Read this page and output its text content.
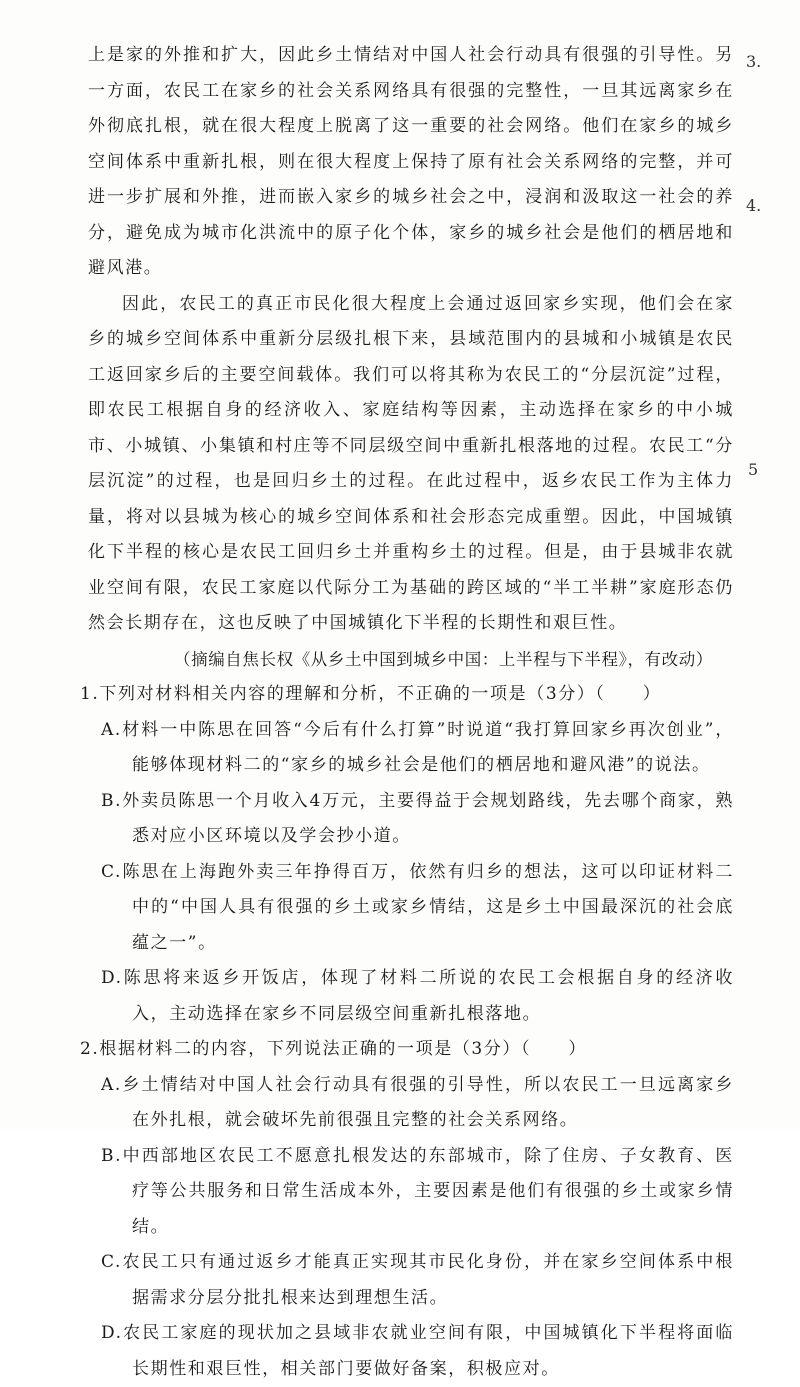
3.
4.
5

上是家的外推和扩大，因此乡土情结对中国人社会行动具有很强的引导性。另一方面，农民工在家乡的社会关系网络具有很强的完整性，一旦其远离家乡在外彻底扎根，就在很大程度上脱离了这一重要的社会网络。他们在家乡的城乡空间体系中重新扎根，则在很大程度上保持了原有社会关系网络的完整，并可进一步扩展和外推，进而嵌入家乡的城乡社会之中，浸润和汲取这一社会的养分，避免成为城市化洪流中的原子化个体，家乡的城乡社会是他们的栖居地和避风港。

因此，农民工的真正市民化很大程度上会通过返回家乡实现，他们会在家乡的城乡空间体系中重新分层级扎根下来，县域范围内的县城和小城镇是农民工返回家乡后的主要空间载体。我们可以将其称为农民工的“分层沉淀”过程，即农民工根据自身的经济收入、家庭结构等因素，主动选择在家乡的中小城市、小城镇、小集镇和村庄等不同层级空间中重新扎根落地的过程。农民工“分层沉淀”的过程，也是回归乡土的过程。在此过程中，返乡农民工作为主体力量，将对以县城为核心的城乡空间体系和社会形态完成重塑。因此，中国城镇化下半程的核心是农民工回归乡土并重构乡土的过程。但是，由于县城非农就业空间有限，农民工家庭以代际分工为基础的跨区域的“半工半耕”家庭形态仍然会长期存在，这也反映了中国城镇化下半程的长期性和艰巨性。

（摘编自焦长权《从乡土中国到城乡中国：上半程与下半程》，有改动）

1.下列对材料相关内容的理解和分析，不正确的一项是（3分）（　　）

A.材料一中陈思在回答“今后有什么打算”时说道“我打算回家乡再次创业”，能够体现材料二的“家乡的城乡社会是他们的栖居地和避风港”的说法。

B.外卖员陈思一个月收入4万元，主要得益于会规划路线，先去哪个商家，熟悉对应小区环境以及学会抄小道。

C.陈思在上海跑外卖三年挣得百万，依然有归乡的想法，这可以印证材料二中的“中国人具有很强的乡土或家乡情结，这是乡土中国最深沉的社会底蕴之一”。

D.陈思将来返乡开饭店，体现了材料二所说的农民工会根据自身的经济收入，主动选择在家乡不同层级空间重新扎根落地。

2.根据材料二的内容，下列说法正确的一项是（3分）（　　）

A.乡土情结对中国人社会行动具有很强的引导性，所以农民工一旦远离家乡在外扎根，就会破坏先前很强且完整的社会关系网络。

B.中西部地区农民工不愿意扎根发达的东部城市，除了住房、子女教育、医疗等公共服务和日常生活成本外，主要因素是他们有很强的乡土或家乡情结。

C.农民工只有通过返乡才能真正实现其市民化身份，并在家乡空间体系中根据需求分层分批扎根来达到理想生活。

D.农民工家庭的现状加之县域非农就业空间有限，中国城镇化下半程将面临长期性和艰巨性，相关部门要做好备案，积极应对。
